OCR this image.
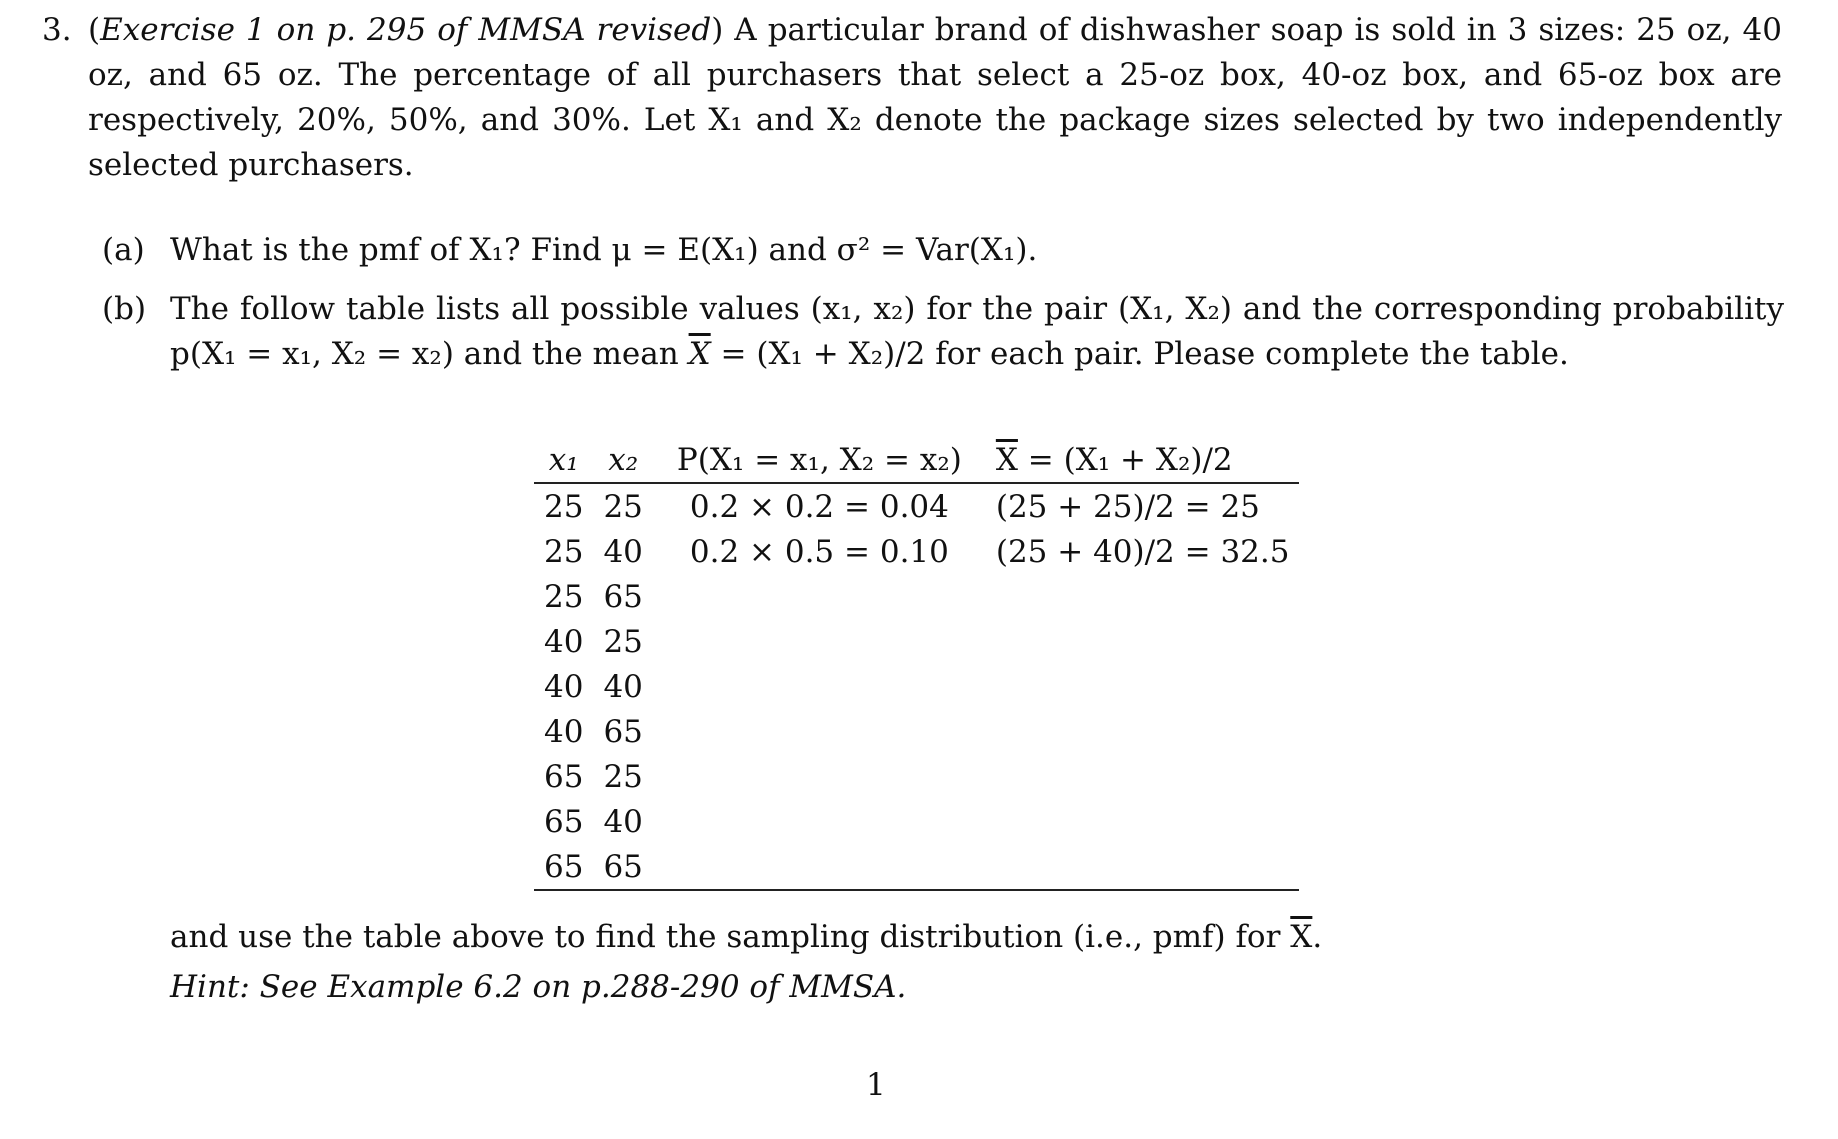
3. (Exercise 1 on p. 295 of MMSA revised) A particular brand of dishwasher soap is sold in 3 sizes: 25 oz, 40 oz, and 65 oz. The percentage of all purchasers that select a 25-oz box, 40-oz box, and 65-oz box are respectively, 20%, 50%, and 30%. Let X₁ and X₂ denote the package sizes selected by two independently selected purchasers.
(a) What is the pmf of X₁? Find μ = E(X₁) and σ² = Var(X₁).
(b) The follow table lists all possible values (x₁, x₂) for the pair (X₁, X₂) and the corresponding probability p(X₁ = x₁, X₂ = x₂) and the mean $\overline{X} = (X_1 + X_2)/2$ for each pair. Please complete the table.
x₁	x₂	P(X₁ = x₁, X₂ = x₂)	$\overline{X} = (X_1 + X_2)/2$
25	25	0.2 × 0.2 = 0.04	(25 + 25)/2 = 25
25	40	0.2 × 0.5 = 0.10	(25 + 40)/2 = 32.5
25	65		
40	25		
40	40		
40	65		
65	25		
65	40		
65	65		
and use the table above to find the sampling distribution (i.e., pmf) for $\overline{X}$.
Hint: See Example 6.2 on p.288-290 of MMSA.
1
